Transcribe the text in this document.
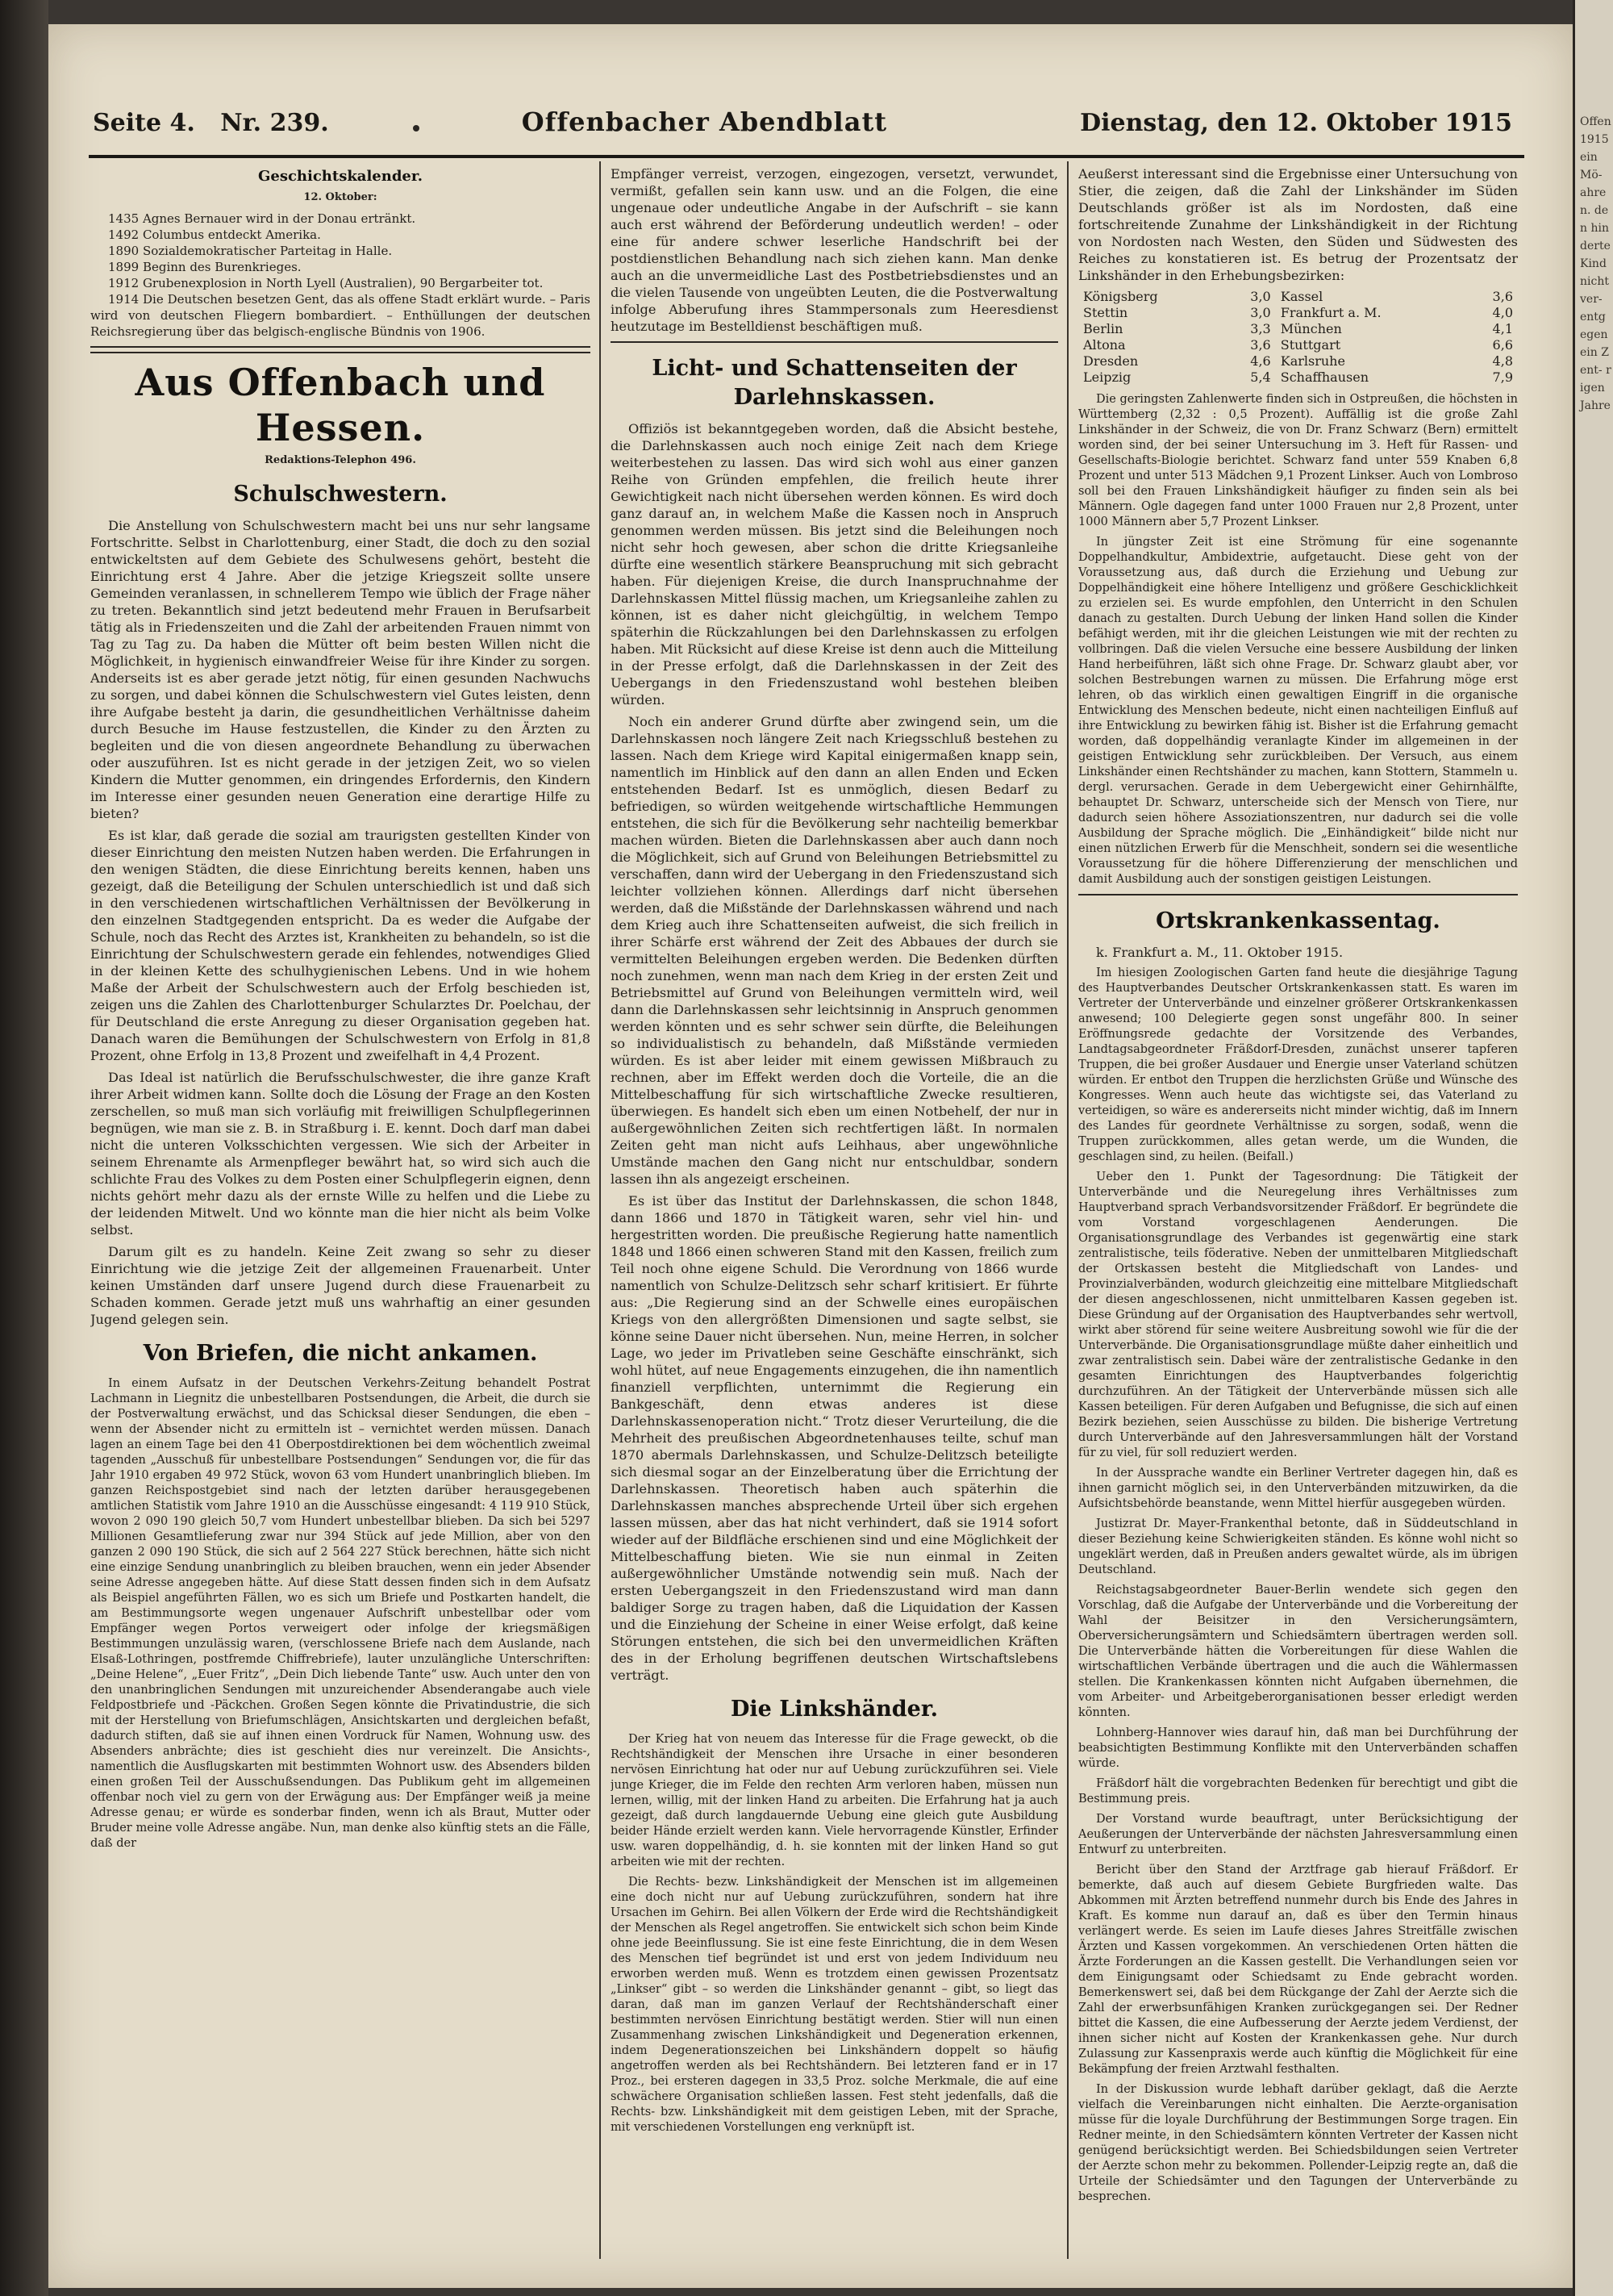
Offen 1915 ein Mö- ahren. den hin derte Kind nicht ver- entgegen ein Zent- rigen Jahre
Seite 4. Nr. 239.	Offenbacher Abendblatt	Dienstag, den 12. Oktober 1915
Geschichtskalender.
12. Oktober:

1435 Agnes Bernauer wird in der Donau ertränkt.

1492 Columbus entdeckt Amerika.

1890 Sozialdemokratischer Parteitag in Halle.

1899 Beginn des Burenkrieges.

1912 Grubenexplosion in North Lyell (Australien), 90 Bergarbeiter tot.

1914 Die Deutschen besetzen Gent, das als offene Stadt erklärt wurde. – Paris wird von deutschen Fliegern bombardiert. – Enthüllungen der deutschen Reichsregierung über das belgisch-englische Bündnis von 1906.

Aus Offenbach und Hessen.
Redaktions-Telephon 496.
Schulschwestern.

Die Anstellung von Schulschwestern macht bei uns nur sehr langsame Fortschritte. Selbst in Charlottenburg, einer Stadt, die doch zu den sozial entwickeltsten auf dem Gebiete des Schulwesens gehört, besteht die Einrichtung erst 4 Jahre. Aber die jetzige Kriegszeit sollte unsere Gemeinden veranlassen, in schnellerem Tempo wie üblich der Frage näher zu treten. Bekanntlich sind jetzt bedeutend mehr Frauen in Berufsarbeit tätig als in Friedenszeiten und die Zahl der arbeitenden Frauen nimmt von Tag zu Tag zu. Da haben die Mütter oft beim besten Willen nicht die Möglichkeit, in hygienisch einwandfreier Weise für ihre Kinder zu sorgen. Anderseits ist es aber gerade jetzt nötig, für einen gesunden Nachwuchs zu sorgen, und dabei können die Schulschwestern viel Gutes leisten, denn ihre Aufgabe besteht ja darin, die gesundheitlichen Verhältnisse daheim durch Besuche im Hause festzustellen, die Kinder zu den Ärzten zu begleiten und die von diesen angeordnete Behandlung zu überwachen oder auszuführen. Ist es nicht gerade in der jetzigen Zeit, wo so vielen Kindern die Mutter genommen, ein dringendes Erfordernis, den Kindern im Interesse einer gesunden neuen Generation eine derartige Hilfe zu bieten?

Es ist klar, daß gerade die sozial am traurigsten gestellten Kinder von dieser Einrichtung den meisten Nutzen haben werden. Die Erfahrungen in den wenigen Städten, die diese Einrichtung bereits kennen, haben uns gezeigt, daß die Beteiligung der Schulen unterschiedlich ist und daß sich in den verschiedenen wirtschaftlichen Verhältnissen der Bevölkerung in den einzelnen Stadtgegenden entspricht. Da es weder die Aufgabe der Schule, noch das Recht des Arztes ist, Krankheiten zu behandeln, so ist die Einrichtung der Schulschwestern gerade ein fehlendes, notwendiges Glied in der kleinen Kette des schulhygienischen Lebens. Und in wie hohem Maße der Arbeit der Schulschwestern auch der Erfolg beschieden ist, zeigen uns die Zahlen des Charlottenburger Schularztes Dr. Poelchau, der für Deutschland die erste Anregung zu dieser Organisation gegeben hat. Danach waren die Bemühungen der Schulschwestern von Erfolg in 81,8 Prozent, ohne Erfolg in 13,8 Prozent und zweifelhaft in 4,4 Prozent.

Das Ideal ist natürlich die Berufsschulschwester, die ihre ganze Kraft ihrer Arbeit widmen kann. Sollte doch die Lösung der Frage an den Kosten zerschellen, so muß man sich vorläufig mit freiwilligen Schulpflegerinnen begnügen, wie man sie z. B. in Straßburg i. E. kennt. Doch darf man dabei nicht die unteren Volksschichten vergessen. Wie sich der Arbeiter in seinem Ehrenamte als Armenpfleger bewährt hat, so wird sich auch die schlichte Frau des Volkes zu dem Posten einer Schulpflegerin eignen, denn nichts gehört mehr dazu als der ernste Wille zu helfen und die Liebe zu der leidenden Mitwelt. Und wo könnte man die hier nicht als beim Volke selbst.

Darum gilt es zu handeln. Keine Zeit zwang so sehr zu dieser Einrichtung wie die jetzige Zeit der allgemeinen Frauenarbeit. Unter keinen Umständen darf unsere Jugend durch diese Frauenarbeit zu Schaden kommen. Gerade jetzt muß uns wahrhaftig an einer gesunden Jugend gelegen sein.

Von Briefen, die nicht ankamen.

In einem Aufsatz in der Deutschen Verkehrs-Zeitung behandelt Postrat Lachmann in Liegnitz die unbestellbaren Postsendungen, die Arbeit, die durch sie der Postverwaltung erwächst, und das Schicksal dieser Sendungen, die eben – wenn der Absender nicht zu ermitteln ist – vernichtet werden müssen. Danach lagen an einem Tage bei den 41 Oberpostdirektionen bei dem wöchentlich zweimal tagenden „Ausschuß für unbestellbare Postsendungen“ Sendungen vor, die für das Jahr 1910 ergaben 49 972 Stück, wovon 63 vom Hundert unanbringlich blieben. Im ganzen Reichspostgebiet sind nach der letzten darüber herausgegebenen amtlichen Statistik vom Jahre 1910 an die Ausschüsse eingesandt: 4 119 910 Stück, wovon 2 090 190 gleich 50,7 vom Hundert unbestellbar blieben. Da sich bei 5297 Millionen Gesamtlieferung zwar nur 394 Stück auf jede Million, aber von den ganzen 2 090 190 Stück, die sich auf 2 564 227 Stück berechnen, hätte sich nicht eine einzige Sendung unanbringlich zu bleiben brauchen, wenn ein jeder Absender seine Adresse angegeben hätte. Auf diese Statt dessen finden sich in dem Aufsatz als Beispiel angeführten Fällen, wo es sich um Briefe und Postkarten handelt, die am Bestimmungsorte wegen ungenauer Aufschrift unbestellbar oder vom Empfänger wegen Portos verweigert oder infolge der kriegsmäßigen Bestimmungen unzulässig waren, (verschlossene Briefe nach dem Auslande, nach Elsaß-Lothringen, postfremde Chiffrebriefe), lauter unzulängliche Unterschriften: „Deine Helene“, „Euer Fritz“, „Dein Dich liebende Tante“ usw. Auch unter den von den unanbringlichen Sendungen mit unzureichender Absenderangabe auch viele Feldpostbriefe und -Päckchen. Großen Segen könnte die Privatindustrie, die sich mit der Herstellung von Briefumschlägen, Ansichtskarten und dergleichen befaßt, dadurch stiften, daß sie auf ihnen einen Vordruck für Namen, Wohnung usw. des Absenders anbrächte; dies ist geschieht dies nur vereinzelt. Die Ansichts-, namentlich die Ausflugskarten mit bestimmten Wohnort usw. des Absenders bilden einen großen Teil der Ausschußsendungen. Das Publikum geht im allgemeinen offenbar noch viel zu gern von der Erwägung aus: Der Empfänger weiß ja meine Adresse genau; er würde es sonderbar finden, wenn ich als Braut, Mutter oder Bruder meine volle Adresse angäbe. Nun, man denke also künftig stets an die Fälle, daß der

Empfänger verreist, verzogen, eingezogen, versetzt, verwundet, vermißt, gefallen sein kann usw. und an die Folgen, die eine ungenaue oder undeutliche Angabe in der Aufschrift – sie kann auch erst während der Beförderung undeutlich werden! – oder eine für andere schwer leserliche Handschrift bei der postdienstlichen Behandlung nach sich ziehen kann. Man denke auch an die unvermeidliche Last des Postbetriebsdienstes und an die vielen Tausende von ungeübten Leuten, die die Postverwaltung infolge Abberufung ihres Stammpersonals zum Heeresdienst heutzutage im Bestelldienst beschäftigen muß.

Licht- und Schattenseiten der Darlehnskassen.

Offiziös ist bekanntgegeben worden, daß die Absicht bestehe, die Darlehnskassen auch noch einige Zeit nach dem Kriege weiterbestehen zu lassen. Das wird sich wohl aus einer ganzen Reihe von Gründen empfehlen, die freilich heute ihrer Gewichtigkeit nach nicht übersehen werden können. Es wird doch ganz darauf an, in welchem Maße die Kassen noch in Anspruch genommen werden müssen. Bis jetzt sind die Beleihungen noch nicht sehr hoch gewesen, aber schon die dritte Kriegsanleihe dürfte eine wesentlich stärkere Beanspruchung mit sich gebracht haben. Für diejenigen Kreise, die durch Inanspruchnahme der Darlehnskassen Mittel flüssig machen, um Kriegsanleihe zahlen zu können, ist es daher nicht gleichgültig, in welchem Tempo späterhin die Rückzahlungen bei den Darlehnskassen zu erfolgen haben. Mit Rücksicht auf diese Kreise ist denn auch die Mitteilung in der Presse erfolgt, daß die Darlehnskassen in der Zeit des Uebergangs in den Friedenszustand wohl bestehen bleiben würden.

Noch ein anderer Grund dürfte aber zwingend sein, um die Darlehnskassen noch längere Zeit nach Kriegsschluß bestehen zu lassen. Nach dem Kriege wird Kapital einigermaßen knapp sein, namentlich im Hinblick auf den dann an allen Enden und Ecken entstehenden Bedarf. Ist es unmöglich, diesen Bedarf zu befriedigen, so würden weitgehende wirtschaftliche Hemmungen entstehen, die sich für die Bevölkerung sehr nachteilig bemerkbar machen würden. Bieten die Darlehnskassen aber auch dann noch die Möglichkeit, sich auf Grund von Beleihungen Betriebsmittel zu verschaffen, dann wird der Uebergang in den Friedenszustand sich leichter vollziehen können. Allerdings darf nicht übersehen werden, daß die Mißstände der Darlehnskassen während und nach dem Krieg auch ihre Schattenseiten aufweist, die sich freilich in ihrer Schärfe erst während der Zeit des Abbaues der durch sie vermittelten Beleihungen ergeben werden. Die Bedenken dürften noch zunehmen, wenn man nach dem Krieg in der ersten Zeit und Betriebsmittel auf Grund von Beleihungen vermitteln wird, weil dann die Darlehnskassen sehr leichtsinnig in Anspruch genommen werden könnten und es sehr schwer sein dürfte, die Beleihungen so individualistisch zu behandeln, daß Mißstände vermieden würden. Es ist aber leider mit einem gewissen Mißbrauch zu rechnen, aber im Effekt werden doch die Vorteile, die an die Mittelbeschaffung für sich wirtschaftliche Zwecke resultieren, überwiegen. Es handelt sich eben um einen Notbehelf, der nur in außergewöhnlichen Zeiten sich rechtfertigen läßt. In normalen Zeiten geht man nicht aufs Leihhaus, aber ungewöhnliche Umstände machen den Gang nicht nur entschuldbar, sondern lassen ihn als angezeigt erscheinen.

Es ist über das Institut der Darlehnskassen, die schon 1848, dann 1866 und 1870 in Tätigkeit waren, sehr viel hin- und hergestritten worden. Die preußische Regierung hatte namentlich 1848 und 1866 einen schweren Stand mit den Kassen, freilich zum Teil noch ohne eigene Schuld. Die Verordnung von 1866 wurde namentlich von Schulze-Delitzsch sehr scharf kritisiert. Er führte aus: „Die Regierung sind an der Schwelle eines europäischen Kriegs von den allergrößten Dimensionen und sagte selbst, sie könne seine Dauer nicht übersehen. Nun, meine Herren, in solcher Lage, wo jeder im Privatleben seine Geschäfte einschränkt, sich wohl hütet, auf neue Engagements einzugehen, die ihn namentlich finanziell verpflichten, unternimmt die Regierung ein Bankgeschäft, denn etwas anderes ist diese Darlehnskassenoperation nicht.“ Trotz dieser Verurteilung, die die Mehrheit des preußischen Abgeordnetenhauses teilte, schuf man 1870 abermals Darlehnskassen, und Schulze-Delitzsch beteiligte sich diesmal sogar an der Einzelberatung über die Errichtung der Darlehnskassen. Theoretisch haben auch späterhin die Darlehnskassen manches absprechende Urteil über sich ergehen lassen müssen, aber das hat nicht verhindert, daß sie 1914 sofort wieder auf der Bildfläche erschienen sind und eine Möglichkeit der Mittelbeschaffung bieten. Wie sie nun einmal in Zeiten außergewöhnlicher Umstände notwendig sein muß. Nach der ersten Uebergangszeit in den Friedenszustand wird man dann baldiger Sorge zu tragen haben, daß die Liquidation der Kassen und die Einziehung der Scheine in einer Weise erfolgt, daß keine Störungen entstehen, die sich bei den unvermeidlichen Kräften des in der Erholung begriffenen deutschen Wirtschaftslebens verträgt.

Die Linkshänder.

Der Krieg hat von neuem das Interesse für die Frage geweckt, ob die Rechtshändigkeit der Menschen ihre Ursache in einer besonderen nervösen Einrichtung hat oder nur auf Uebung zurückzuführen sei. Viele junge Krieger, die im Felde den rechten Arm verloren haben, müssen nun lernen, willig, mit der linken Hand zu arbeiten. Die Erfahrung hat ja auch gezeigt, daß durch langdauernde Uebung eine gleich gute Ausbildung beider Hände erzielt werden kann. Viele hervorragende Künstler, Erfinder usw. waren doppelhändig, d. h. sie konnten mit der linken Hand so gut arbeiten wie mit der rechten.

Die Rechts- bezw. Linkshändigkeit der Menschen ist im allgemeinen eine doch nicht nur auf Uebung zurückzuführen, sondern hat ihre Ursachen im Gehirn. Bei allen Völkern der Erde wird die Rechtshändigkeit der Menschen als Regel angetroffen. Sie entwickelt sich schon beim Kinde ohne jede Beeinflussung. Sie ist eine feste Einrichtung, die in dem Wesen des Menschen tief begründet ist und erst von jedem Individuum neu erworben werden muß. Wenn es trotzdem einen gewissen Prozentsatz „Linkser“ gibt – so werden die Linkshänder genannt – gibt, so liegt das daran, daß man im ganzen Verlauf der Rechtshänderschaft einer bestimmten nervösen Einrichtung bestätigt werden. Stier will nun einen Zusammenhang zwischen Linkshändigkeit und Degeneration erkennen, indem Degenerationszeichen bei Linkshändern doppelt so häufig angetroffen werden als bei Rechtshändern. Bei letzteren fand er in 17 Proz., bei ersteren dagegen in 33,5 Proz. solche Merkmale, die auf eine schwächere Organisation schließen lassen. Fest steht jedenfalls, daß die Rechts- bzw. Linkshändigkeit mit dem geistigen Leben, mit der Sprache, mit verschiedenen Vorstellungen eng verknüpft ist.

Aeußerst interessant sind die Ergebnisse einer Untersuchung von Stier, die zeigen, daß die Zahl der Linkshänder im Süden Deutschlands größer ist als im Nordosten, daß eine fortschreitende Zunahme der Linkshändigkeit in der Richtung von Nordosten nach Westen, den Süden und Südwesten des Reiches zu konstatieren ist. Es betrug der Prozentsatz der Linkshänder in den Erhebungsbezirken:

Königsberg	3,0	Kassel	3,6
Stettin	3,0	Frankfurt a. M.	4,0
Berlin	3,3	München	4,1
Altona	3,6	Stuttgart	6,6
Dresden	4,6	Karlsruhe	4,8
Leipzig	5,4	Schaffhausen	7,9

Die geringsten Zahlenwerte finden sich in Ostpreußen, die höchsten in Württemberg (2,32 : 0,5 Prozent). Auffällig ist die große Zahl Linkshänder in der Schweiz, die von Dr. Franz Schwarz (Bern) ermittelt worden sind, der bei seiner Untersuchung im 3. Heft für Rassen- und Gesellschafts-Biologie berichtet. Schwarz fand unter 559 Knaben 6,8 Prozent und unter 513 Mädchen 9,1 Prozent Linkser. Auch von Lombroso soll bei den Frauen Linkshändigkeit häufiger zu finden sein als bei Männern. Ogle dagegen fand unter 1000 Frauen nur 2,8 Prozent, unter 1000 Männern aber 5,7 Prozent Linkser.

In jüngster Zeit ist eine Strömung für eine sogenannte Doppelhandkultur, Ambidextrie, aufgetaucht. Diese geht von der Voraussetzung aus, daß durch die Erziehung und Uebung zur Doppelhändigkeit eine höhere Intelligenz und größere Geschicklichkeit zu erzielen sei. Es wurde empfohlen, den Unterricht in den Schulen danach zu gestalten. Durch Uebung der linken Hand sollen die Kinder befähigt werden, mit ihr die gleichen Leistungen wie mit der rechten zu vollbringen. Daß die vielen Versuche eine bessere Ausbildung der linken Hand herbeiführen, läßt sich ohne Frage. Dr. Schwarz glaubt aber, vor solchen Bestrebungen warnen zu müssen. Die Erfahrung möge erst lehren, ob das wirklich einen gewaltigen Eingriff in die organische Entwicklung des Menschen bedeute, nicht einen nachteiligen Einfluß auf ihre Entwicklung zu bewirken fähig ist. Bisher ist die Erfahrung gemacht worden, daß doppelhändig veranlagte Kinder im allgemeinen in der geistigen Entwicklung sehr zurückbleiben. Der Versuch, aus einem Linkshänder einen Rechtshänder zu machen, kann Stottern, Stammeln u. dergl. verursachen. Gerade in dem Uebergewicht einer Gehirnhälfte, behauptet Dr. Schwarz, unterscheide sich der Mensch von Tiere, nur dadurch seien höhere Assoziationszentren, nur dadurch sei die volle Ausbildung der Sprache möglich. Die „Einhändigkeit“ bilde nicht nur einen nützlichen Erwerb für die Menschheit, sondern sei die wesentliche Voraussetzung für die höhere Differenzierung der menschlichen und damit Ausbildung auch der sonstigen geistigen Leistungen.

Ortskrankenkassentag.

k. Frankfurt a. M., 11. Oktober 1915.

Im hiesigen Zoologischen Garten fand heute die diesjährige Tagung des Hauptverbandes Deutscher Ortskrankenkassen statt. Es waren im Vertreter der Unterverbände und einzelner größerer Ortskrankenkassen anwesend; 100 Delegierte gegen sonst ungefähr 800. In seiner Eröffnungsrede gedachte der Vorsitzende des Verbandes, Landtagsabgeordneter Fräßdorf-Dresden, zunächst unserer tapferen Truppen, die bei großer Ausdauer und Energie unser Vaterland schützen würden. Er entbot den Truppen die herzlichsten Grüße und Wünsche des Kongresses. Wenn auch heute das wichtigste sei, das Vaterland zu verteidigen, so wäre es andererseits nicht minder wichtig, daß im Innern des Landes für geordnete Verhältnisse zu sorgen, sodaß, wenn die Truppen zurückkommen, alles getan werde, um die Wunden, die geschlagen sind, zu heilen. (Beifall.)

Ueber den 1. Punkt der Tagesordnung: Die Tätigkeit der Unterverbände und die Neuregelung ihres Verhältnisses zum Hauptverband sprach Verbandsvorsitzender Fräßdorf. Er begründete die vom Vorstand vorgeschlagenen Aenderungen. Die Organisationsgrundlage des Verbandes ist gegenwärtig eine stark zentralistische, teils föderative. Neben der unmittelbaren Mitgliedschaft der Ortskassen besteht die Mitgliedschaft von Landes- und Provinzialverbänden, wodurch gleichzeitig eine mittelbare Mitgliedschaft der diesen angeschlossenen, nicht unmittelbaren Kassen gegeben ist. Diese Gründung auf der Organisation des Hauptverbandes sehr wertvoll, wirkt aber störend für seine weitere Ausbreitung sowohl wie für die der Unterverbände. Die Organisationsgrundlage müßte daher einheitlich und zwar zentralistisch sein. Dabei wäre der zentralistische Gedanke in den gesamten Einrichtungen des Hauptverbandes folgerichtig durchzuführen. An der Tätigkeit der Unterverbände müssen sich alle Kassen beteiligen. Für deren Aufgaben und Befugnisse, die sich auf einen Bezirk beziehen, seien Ausschüsse zu bilden. Die bisherige Vertretung durch Unterverbände auf den Jahresversammlungen hält der Vorstand für zu viel, für soll reduziert werden.

In der Aussprache wandte ein Berliner Vertreter dagegen hin, daß es ihnen garnicht möglich sei, in den Unterverbänden mitzuwirken, da die Aufsichtsbehörde beanstande, wenn Mittel hierfür ausgegeben würden.

Justizrat Dr. Mayer-Frankenthal betonte, daß in Süddeutschland in dieser Beziehung keine Schwierigkeiten ständen. Es könne wohl nicht so ungeklärt werden, daß in Preußen anders gewaltet würde, als im übrigen Deutschland.

Reichstagsabgeordneter Bauer-Berlin wendete sich gegen den Vorschlag, daß die Aufgabe der Unterverbände und die Vorbereitung der Wahl der Beisitzer in den Versicherungsämtern, Oberversicherungsämtern und Schiedsämtern übertragen werden soll. Die Unterverbände hätten die Vorbereitungen für diese Wahlen die wirtschaftlichen Verbände übertragen und die auch die Wählermassen stellen. Die Krankenkassen könnten nicht Aufgaben übernehmen, die vom Arbeiter- und Arbeitgeberorganisationen besser erledigt werden könnten.

Lohnberg-Hannover wies darauf hin, daß man bei Durchführung der beabsichtigten Bestimmung Konflikte mit den Unterverbänden schaffen würde.

Fräßdorf hält die vorgebrachten Bedenken für berechtigt und gibt die Bestimmung preis.

Der Vorstand wurde beauftragt, unter Berücksichtigung der Aeußerungen der Unterverbände der nächsten Jahresversammlung einen Entwurf zu unterbreiten.

Bericht über den Stand der Arztfrage gab hierauf Fräßdorf. Er bemerkte, daß auch auf diesem Gebiete Burgfrieden walte. Das Abkommen mit Ärzten betreffend nunmehr durch bis Ende des Jahres in Kraft. Es komme nun darauf an, daß es über den Termin hinaus verlängert werde. Es seien im Laufe dieses Jahres Streitfälle zwischen Ärzten und Kassen vorgekommen. An verschiedenen Orten hätten die Ärzte Forderungen an die Kassen gestellt. Die Verhandlungen seien vor dem Einigungsamt oder Schiedsamt zu Ende gebracht worden. Bemerkenswert sei, daß bei dem Rückgange der Zahl der Aerzte sich die Zahl der erwerbsunfähigen Kranken zurückgegangen sei. Der Redner bittet die Kassen, die eine Aufbesserung der Aerzte jedem Verdienst, der ihnen sicher nicht auf Kosten der Krankenkassen gehe. Nur durch Zulassung zur Kassenpraxis werde auch künftig die Möglichkeit für eine Bekämpfung der freien Arztwahl festhalten.

In der Diskussion wurde lebhaft darüber geklagt, daß die Aerzte vielfach die Vereinbarungen nicht einhalten. Die Aerzte-organisation müsse für die loyale Durchführung der Bestimmungen Sorge tragen. Ein Redner meinte, in den Schiedsämtern könnten Vertreter der Kassen nicht genügend berücksichtigt werden. Bei Schiedsbildungen seien Vertreter der Aerzte schon mehr zu bekommen. Pollender-Leipzig regte an, daß die Urteile der Schiedsämter und den Tagungen der Unterverbände zu besprechen.
